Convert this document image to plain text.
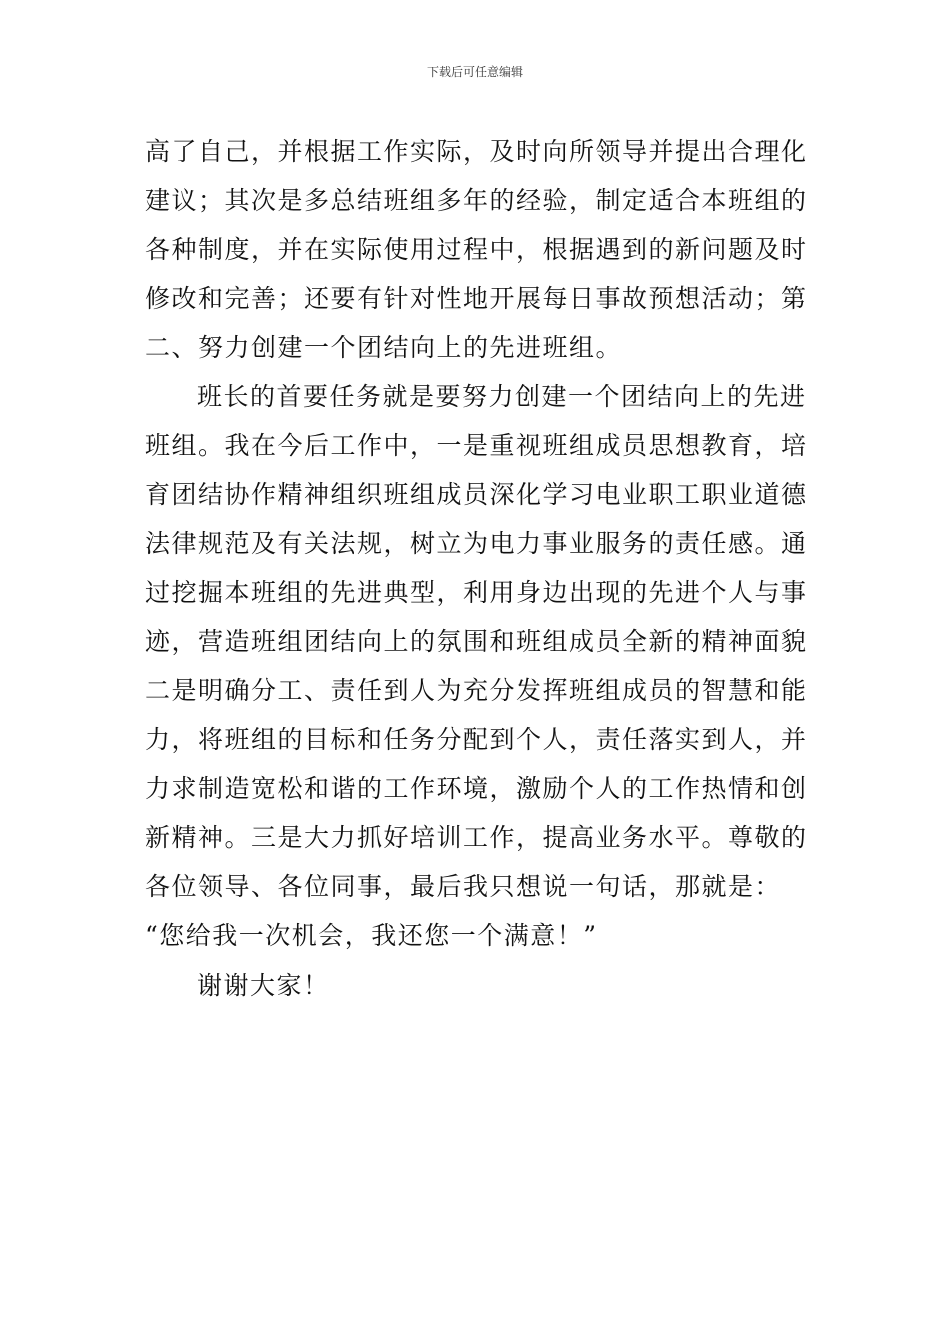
下载后可任意编辑
高了自己，并根据工作实际，及时向所领导并提出合理化
建议；其次是多总结班组多年的经验，制定适合本班组的
各种制度，并在实际使用过程中，根据遇到的新问题及时
修改和完善；还要有针对性地开展每日事故预想活动；第
二、努力创建一个团结向上的先进班组。
班长的首要任务就是要努力创建一个团结向上的先进
班组。我在今后工作中，一是重视班组成员思想教育，培
育团结协作精神组织班组成员深化学习电业职工职业道德
法律规范及有关法规，树立为电力事业服务的责任感。通
过挖掘本班组的先进典型，利用身边出现的先进个人与事
迹，营造班组团结向上的氛围和班组成员全新的精神面貌
二是明确分工、责任到人为充分发挥班组成员的智慧和能
力，将班组的目标和任务分配到个人，责任落实到人，并
力求制造宽松和谐的工作环境，激励个人的工作热情和创
新精神。三是大力抓好培训工作，提高业务水平。尊敬的
各位领导、各位同事，最后我只想说一句话，那就是：
“您给我一次机会，我还您一个满意！”
谢谢大家！
